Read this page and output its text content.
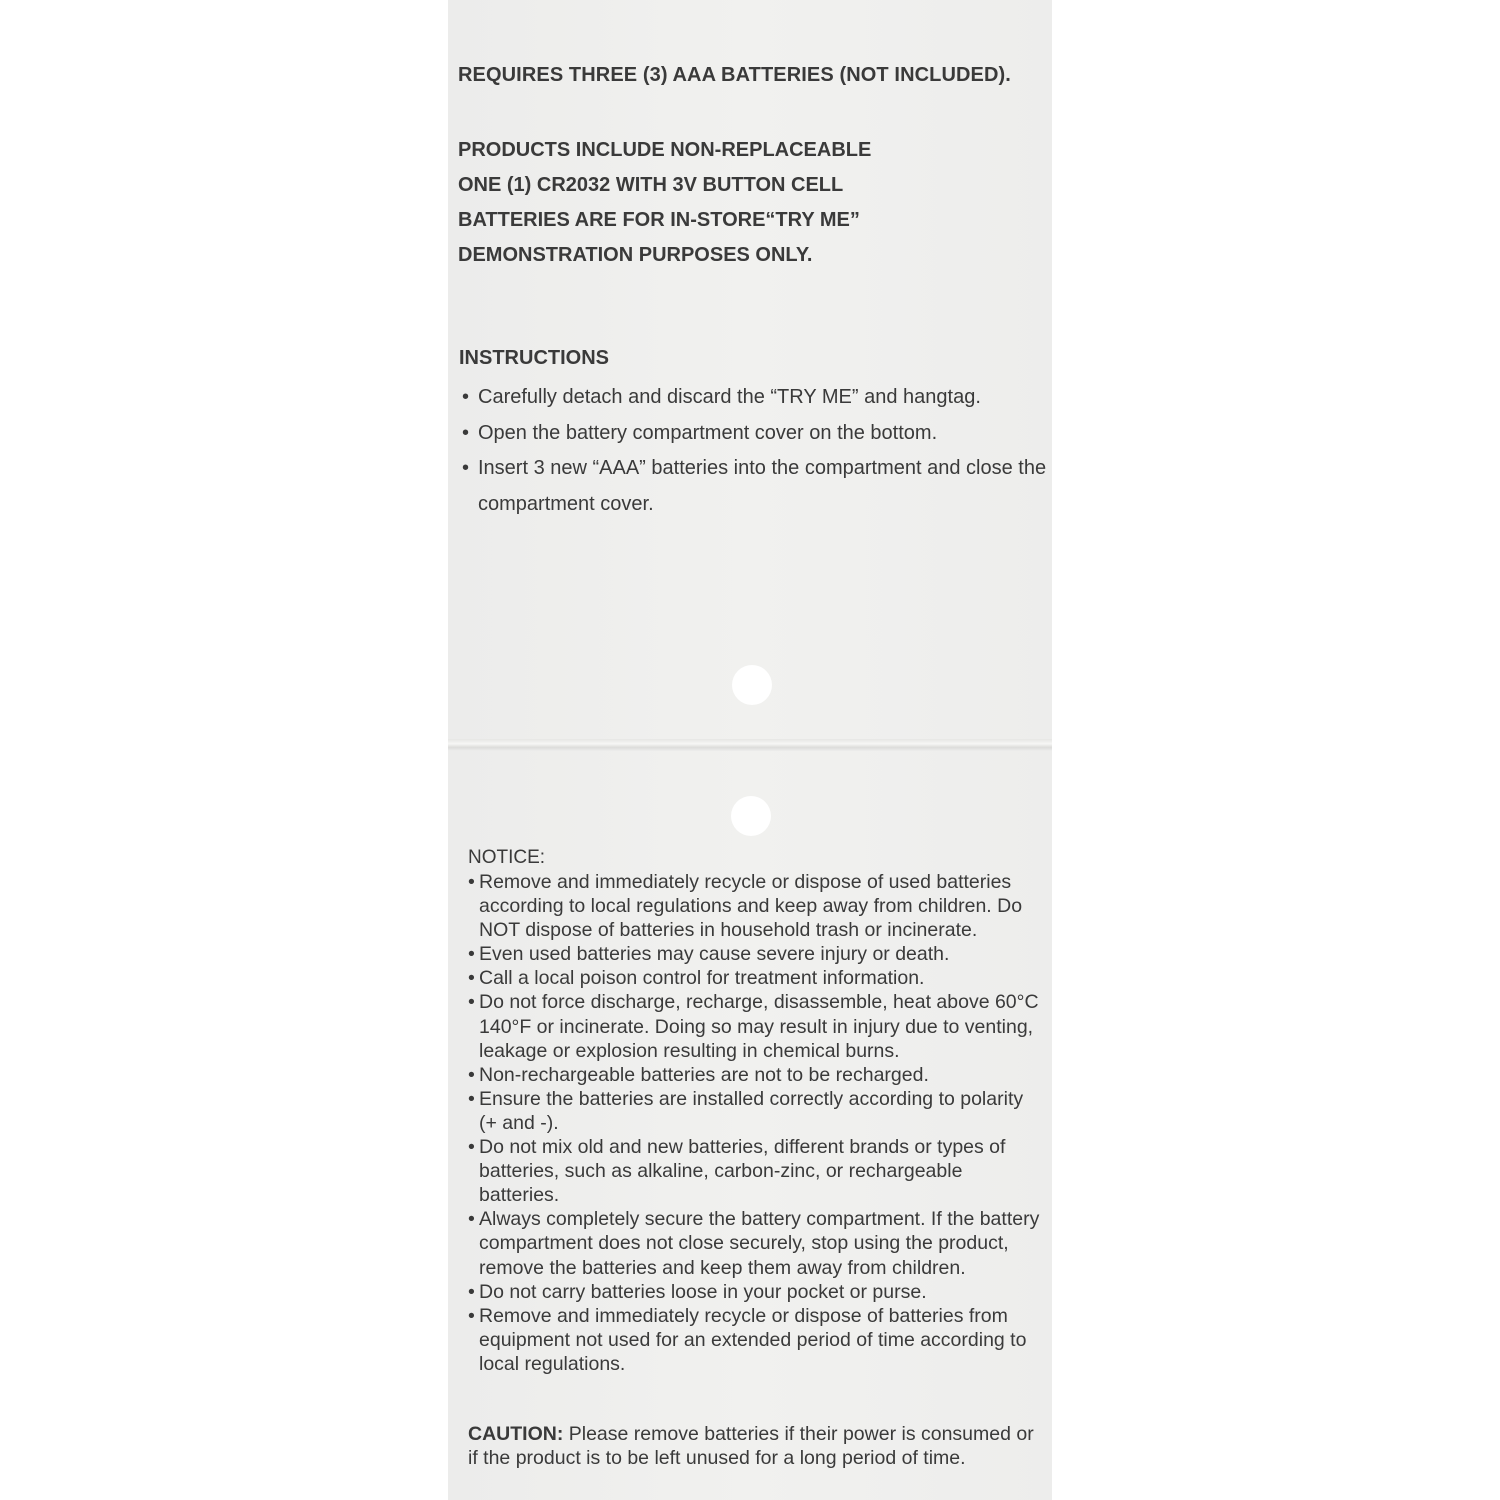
REQUIRES THREE (3) AAA BATTERIES (NOT INCLUDED).
PRODUCTS INCLUDE NON-REPLACEABLE
ONE (1) CR2032 WITH 3V BUTTON CELL
BATTERIES ARE FOR IN-STORE“TRY ME”
DEMONSTRATION PURPOSES ONLY.
INSTRUCTIONS
• Carefully detach and discard the “TRY ME” and hangtag.
• Open the battery compartment cover on the bottom.
• Insert 3 new “AAA” batteries into the compartment and close the compartment cover.
NOTICE:
• Remove and immediately recycle or dispose of used batteries according to local regulations and keep away from children. Do NOT dispose of batteries in household trash or incinerate.
• Even used batteries may cause severe injury or death.
• Call a local poison control for treatment information.
• Do not force discharge, recharge, disassemble, heat above 60°C 140°F or incinerate. Doing so may result in injury due to venting, leakage or explosion resulting in chemical burns.
• Non-rechargeable batteries are not to be recharged.
• Ensure the batteries are installed correctly according to polarity (+ and -).
• Do not mix old and new batteries, different brands or types of batteries, such as alkaline, carbon-zinc, or rechargeable batteries.
• Always completely secure the battery compartment. If the battery compartment does not close securely, stop using the product, remove the batteries and keep them away from children.
• Do not carry batteries loose in your pocket or purse.
• Remove and immediately recycle or dispose of batteries from equipment not used for an extended period of time according to local regulations.
CAUTION: Please remove batteries if their power is consumed or if the product is to be left unused for a long period of time.
